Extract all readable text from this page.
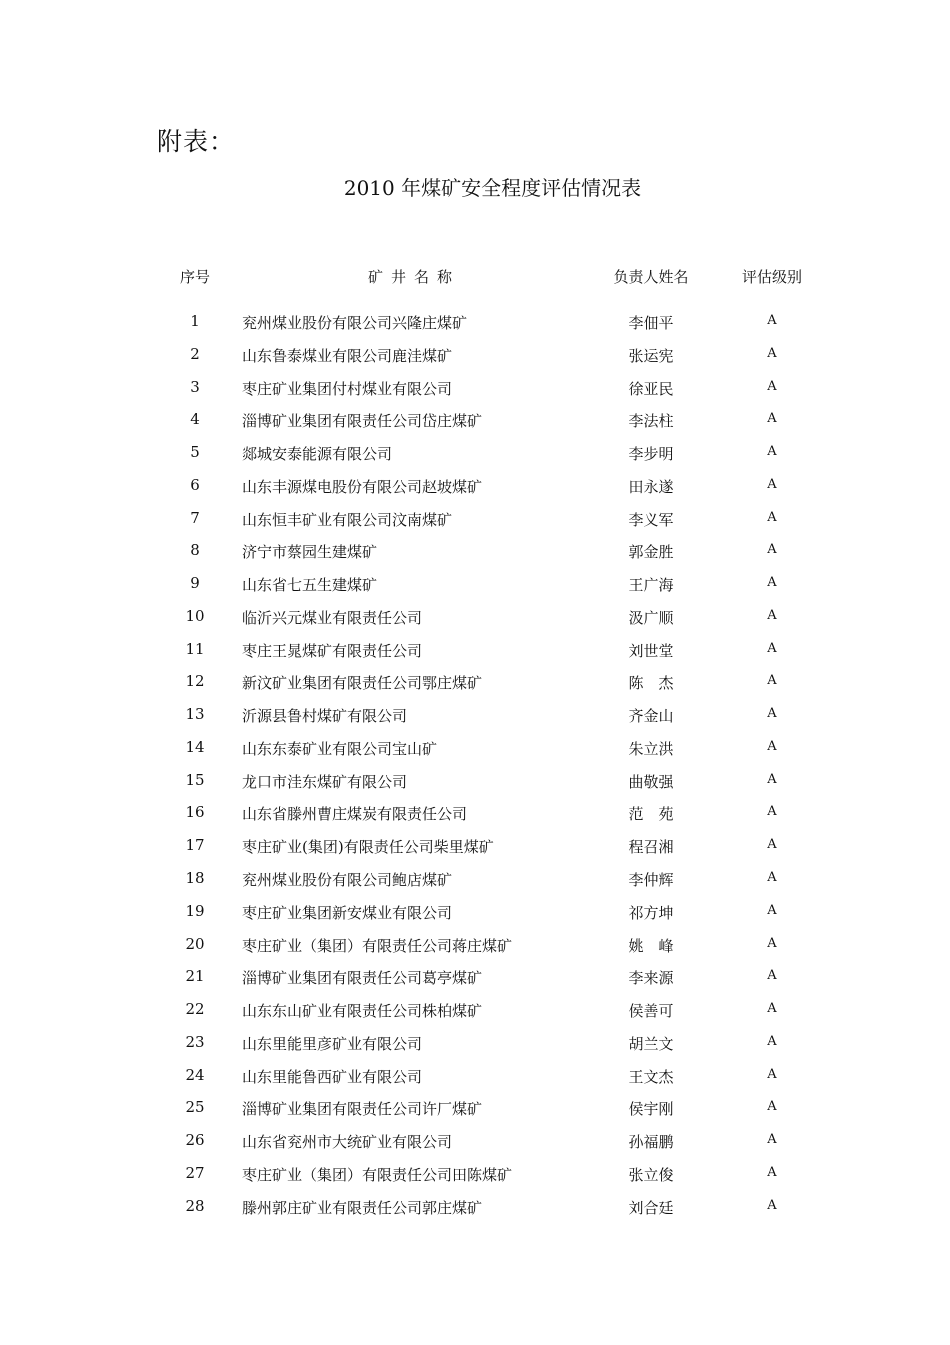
附表：
2010 年煤矿安全程度评估情况表
序号	矿井名称	负责人姓名	评估级别
1	兖州煤业股份有限公司兴隆庄煤矿	李佃平	A
2	山东鲁泰煤业有限公司鹿洼煤矿	张运宪	A
3	枣庄矿业集团付村煤业有限公司	徐亚民	A
4	淄博矿业集团有限责任公司岱庄煤矿	李法柱	A
5	郯城安泰能源有限公司	李步明	A
6	山东丰源煤电股份有限公司赵坡煤矿	田永遂	A
7	山东恒丰矿业有限公司汶南煤矿	李义军	A
8	济宁市蔡园生建煤矿	郭金胜	A
9	山东省七五生建煤矿	王广海	A
10	临沂兴元煤业有限责任公司	汲广顺	A
11	枣庄王晁煤矿有限责任公司	刘世堂	A
12	新汶矿业集团有限责任公司鄂庄煤矿	陈　杰	A
13	沂源县鲁村煤矿有限公司	齐金山	A
14	山东东泰矿业有限公司宝山矿	朱立洪	A
15	龙口市洼东煤矿有限公司	曲敬强	A
16	山东省滕州曹庄煤炭有限责任公司	范　苑	A
17	枣庄矿业(集团)有限责任公司柴里煤矿	程召湘	A
18	兖州煤业股份有限公司鲍店煤矿	李仲辉	A
19	枣庄矿业集团新安煤业有限公司	祁方坤	A
20	枣庄矿业（集团）有限责任公司蒋庄煤矿	姚　峰	A
21	淄博矿业集团有限责任公司葛亭煤矿	李来源	A
22	山东东山矿业有限责任公司株柏煤矿	侯善可	A
23	山东里能里彦矿业有限公司	胡兰文	A
24	山东里能鲁西矿业有限公司	王文杰	A
25	淄博矿业集团有限责任公司许厂煤矿	侯宇刚	A
26	山东省兖州市大统矿业有限公司	孙福鹏	A
27	枣庄矿业（集团）有限责任公司田陈煤矿	张立俊	A
28	滕州郭庄矿业有限责任公司郭庄煤矿	刘合廷	A
